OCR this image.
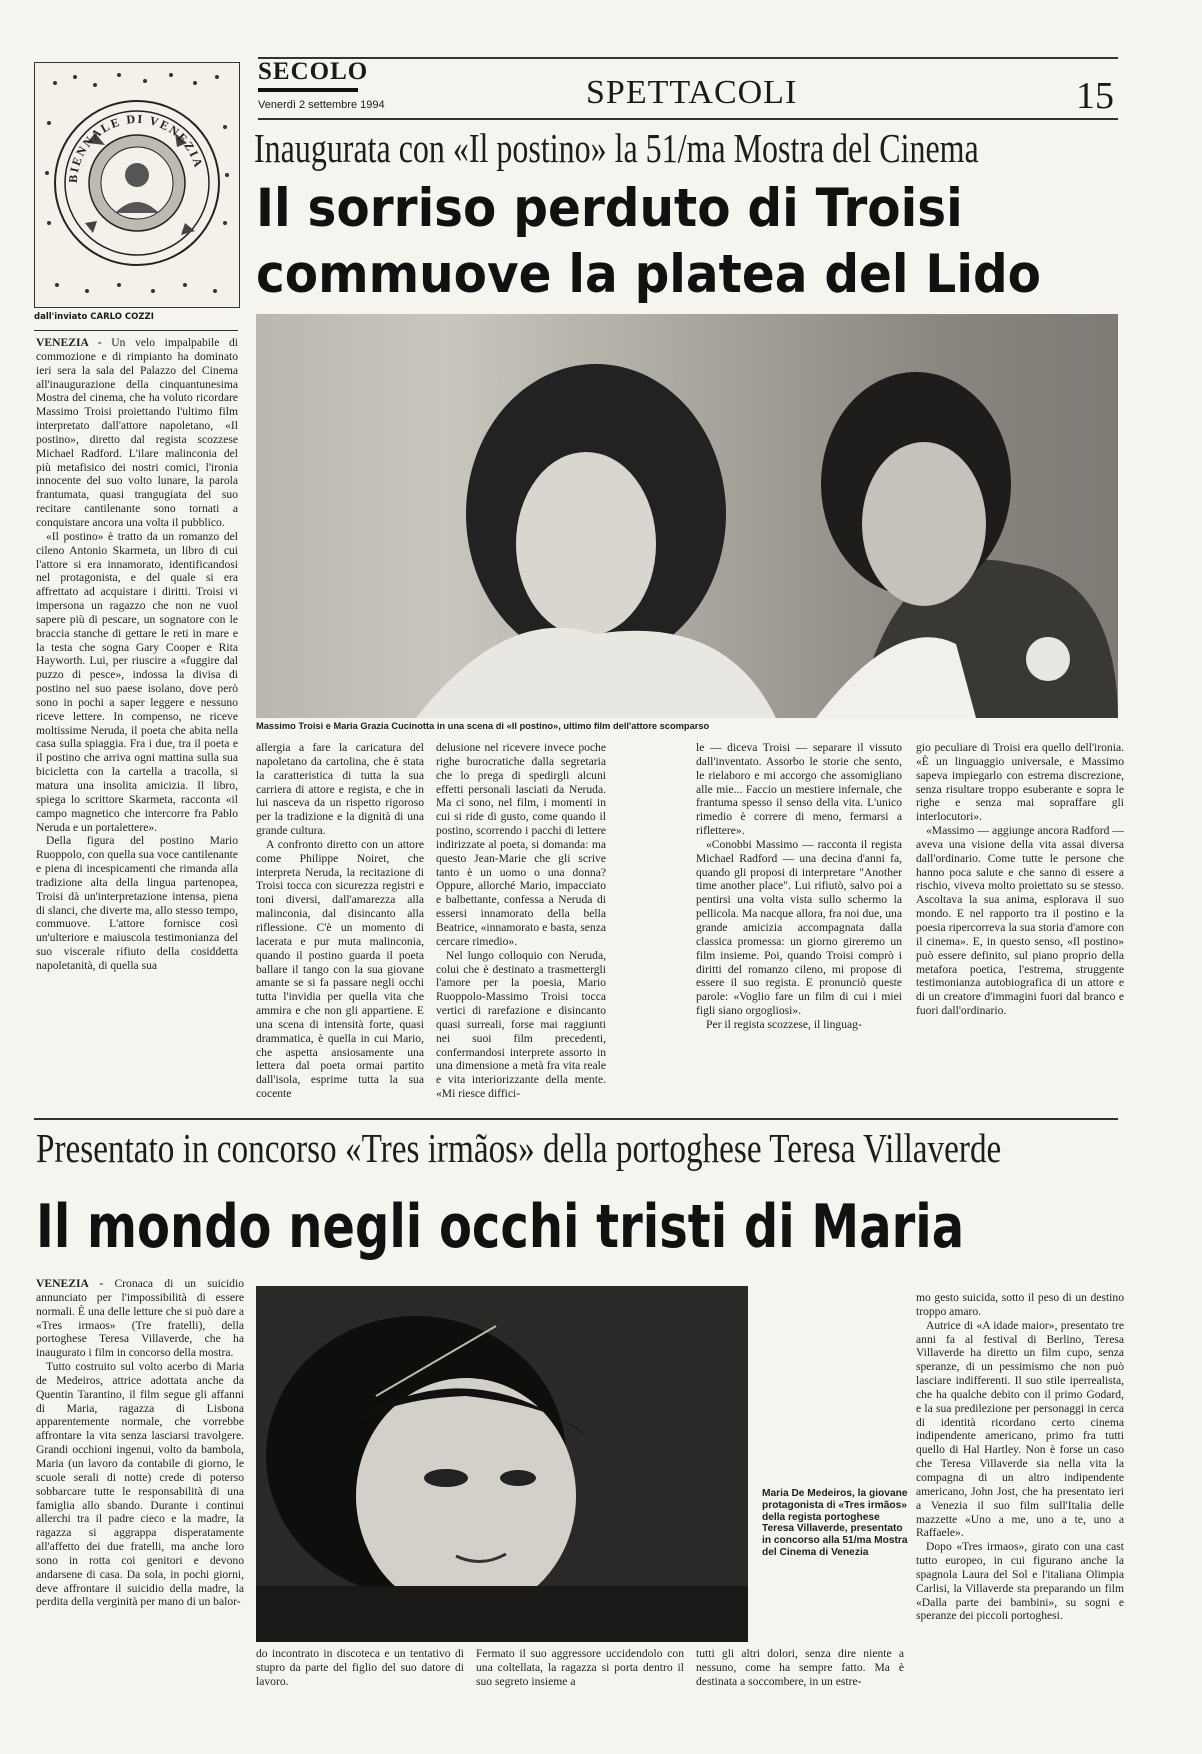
SECOLO
Venerdì 2 settembre 1994	SPETTACOLI	15
BIENNALE DI VENEZIA Inaugurata con «Il postino» la 51/ma Mostra del Cinema
Il sorriso perduto di Troisi
commuove la platea del Lido
dall'inviato CARLO COZZI
Massimo Troisi e Maria Grazia Cucinotta in una scena di «Il postino», ultimo film dell'attore scomparso

VENEZIA - Un velo impalpabile di commozione e di rimpianto ha dominato ieri sera la sala del Palazzo del Cinema all'inaugurazione della cinquantunesima Mostra del cinema, che ha voluto ricordare Massimo Troisi proiettando l'ultimo film interpretato dall'attore napoletano, «Il postino», diretto dal regista scozzese Michael Radford. L'ilare malinconia del più metafisico dei nostri comici, l'ironia innocente del suo volto lunare, la parola frantumata, quasi trangugiata del suo recitare cantilenante sono tornati a conquistare ancora una volta il pubblico.

«Il postino» è tratto da un romanzo del cileno Antonio Skarmeta, un libro di cui l'attore si era innamorato, identificandosi nel protagonista, e del quale si era affrettato ad acquistare i diritti. Troisi vi impersona un ragazzo che non ne vuol sapere più di pescare, un sognatore con le braccia stanche di gettare le reti in mare e la testa che sogna Gary Cooper e Rita Hayworth. Lui, per riuscire a «fuggire dal puzzo di pesce», indossa la divisa di postino nel suo paese isolano, dove però sono in pochi a saper leggere e nessuno riceve lettere. In compenso, ne riceve moltissime Neruda, il poeta che abita nella casa sulla spiaggia. Fra i due, tra il poeta e il postino che arriva ogni mattina sulla sua bicicletta con la cartella a tracolla, si matura una insolita amicizia. Il libro, spiega lo scrittore Skarmeta, racconta «il campo magnetico che intercorre fra Pablo Neruda e un portalettere».

Della figura del postino Mario Ruoppolo, con quella sua voce cantilenante e piena di incespicamenti che rimanda alla tradizione alta della lingua partenopea, Troisi dà un'interpretazione intensa, piena di slanci, che diverte ma, allo stesso tempo, commuove. L'attore fornisce così un'ulteriore e maiuscola testimonianza del suo viscerale rifiuto della cosiddetta napoletanità, di quella sua

allergia a fare la caricatura del napoletano da cartolina, che è stata la caratteristica di tutta la sua carriera di attore e regista, e che in lui nasceva da un rispetto rigoroso per la tradizione e la dignità di una grande cultura.

A confronto diretto con un attore come Philippe Noiret, che interpreta Neruda, la recitazione di Troisi tocca con sicurezza registri e toni diversi, dall'amarezza alla malinconia, dal disincanto alla riflessione. C'è un momento di lacerata e pur muta malinconia, quando il postino guarda il poeta ballare il tango con la sua giovane amante se si fa passare negli occhi tutta l'invidia per quella vita che ammira e che non gli appartiene. E una scena di intensità forte, quasi drammatica, è quella in cui Mario, che aspetta ansiosamente una lettera dal poeta ormai partito dall'isola, esprime tutta la sua cocente

delusione nel ricevere invece poche righe burocratiche dalla segretaria che lo prega di spedirgli alcuni effetti personali lasciati da Neruda. Ma ci sono, nel film, i momenti in cui si ride di gusto, come quando il postino, scorrendo i pacchi di lettere indirizzate al poeta, si domanda: ma questo Jean-Marie che gli scrive tanto è un uomo o una donna? Oppure, allorché Mario, impacciato e balbettante, confessa a Neruda di essersi innamorato della bella Beatrice, «innamorato e basta, senza cercare rimedio».

Nel lungo colloquio con Neruda, colui che è destinato a trasmettergli l'amore per la poesia, Mario Ruoppolo-Massimo Troisi tocca vertici di rarefazione e disincanto quasi surreali, forse mai raggiunti nei suoi film precedenti, confermandosi interprete assorto in una dimensione a metà fra vita reale e vita interiorizzante della mente. «Mi riesce diffici-

le — diceva Troisi — separare il vissuto dall'inventato. Assorbo le storie che sento, le rielaboro e mi accorgo che assomigliano alle mie... Faccio un mestiere infernale, che frantuma spesso il senso della vita. L'unico rimedio è correre di meno, fermarsi a riflettere».

«Conobbi Massimo — racconta il regista Michael Radford — una decina d'anni fa, quando gli proposi di interpretare "Another time another place". Lui rifiutò, salvo poi a pentirsi una volta vista sullo schermo la pellicola. Ma nacque allora, fra noi due, una grande amicizia accompagnata dalla classica promessa: un giorno gireremo un film insieme. Poi, quando Troisi comprò i diritti del romanzo cileno, mi propose di essere il suo regista. E pronunciò queste parole: «Voglio fare un film di cui i miei figli siano orgogliosi».

Per il regista scozzese, il linguag-

gio peculiare di Troisi era quello dell'ironia. «È un linguaggio universale, e Massimo sapeva impiegarlo con estrema discrezione, senza risultare troppo esuberante e sopra le righe e senza mai sopraffare gli interlocutori».

«Massimo — aggiunge ancora Radford — aveva una visione della vita assai diversa dall'ordinario. Come tutte le persone che hanno poca salute e che sanno di essere a rischio, viveva molto proiettato su se stesso. Ascoltava la sua anima, esplorava il suo mondo. E nel rapporto tra il postino e la poesia ripercorreva la sua storia d'amore con il cinema». E, in questo senso, «Il postino» può essere definito, sul piano proprio della metafora poetica, l'estrema, struggente testimonianza autobiografica di un attore e di un creatore d'immagini fuori dal branco e fuori dall'ordinario.

Presentato in concorso «Tres irmãos» della portoghese Teresa Villaverde
Il mondo negli occhi tristi di Maria
Maria De Medeiros, la giovane protagonista di «Tres irmãos» della regista portoghese Teresa Villaverde, presentato in concorso alla 51/ma Mostra del Cinema di Venezia

VENEZIA - Cronaca di un suicidio annunciato per l'impossibilità di essere normali. È una delle letture che si può dare a «Tres irmaos» (Tre fratelli), della portoghese Teresa Villaverde, che ha inaugurato i film in concorso della mostra.

Tutto costruito sul volto acerbo di Maria de Medeiros, attrice adottata anche da Quentin Tarantino, il film segue gli affanni di Maria, ragazza di Lisbona apparentemente normale, che vorrebbe affrontare la vita senza lasciarsi travolgere. Grandi occhioni ingenui, volto da bambola, Maria (un lavoro da contabile di giorno, le scuole serali di notte) crede di poterso sobbarcare tutte le responsabilità di una famiglia allo sbando. Durante i continui allerchi tra il padre cieco e la madre, la ragazza si aggrappa disperatamente all'affetto dei due fratelli, ma anche loro sono in rotta coi genitori e devono andarsene di casa. Da sola, in pochi giorni, deve affrontare il suicidio della madre, la perdita della verginità per mano di un balor-

do incontrato in discoteca e un tentativo di stupro da parte del figlio del suo datore di lavoro.

Fermato il suo aggressore uccidendolo con una coltellata, la ragazza si porta dentro il suo segreto insieme a

tutti gli altri dolori, senza dire niente a nessuno, come ha sempre fatto. Ma è destinata a soccombere, in un estre-

mo gesto suicida, sotto il peso di un destino troppo amaro.

Autrice di «A idade maior», presentato tre anni fa al festival di Berlino, Teresa Villaverde ha diretto un film cupo, senza speranze, di un pessimismo che non può lasciare indifferenti. Il suo stile iperrealista, che ha qualche debito con il primo Godard, e la sua predilezione per personaggi in cerca di identità ricordano certo cinema indipendente americano, primo fra tutti quello di Hal Hartley. Non è forse un caso che Teresa Villaverde sia nella vita la compagna di un altro indipendente americano, John Jost, che ha presentato ieri a Venezia il suo film sull'Italia delle mazzette «Uno a me, uno a te, uno a Raffaele».

Dopo «Tres irmaos», girato con una cast tutto europeo, in cui figurano anche la spagnola Laura del Sol e l'italiana Olimpia Carlisi, la Villaverde sta preparando un film «Dalla parte dei bambini», su sogni e speranze dei piccoli portoghesi.
